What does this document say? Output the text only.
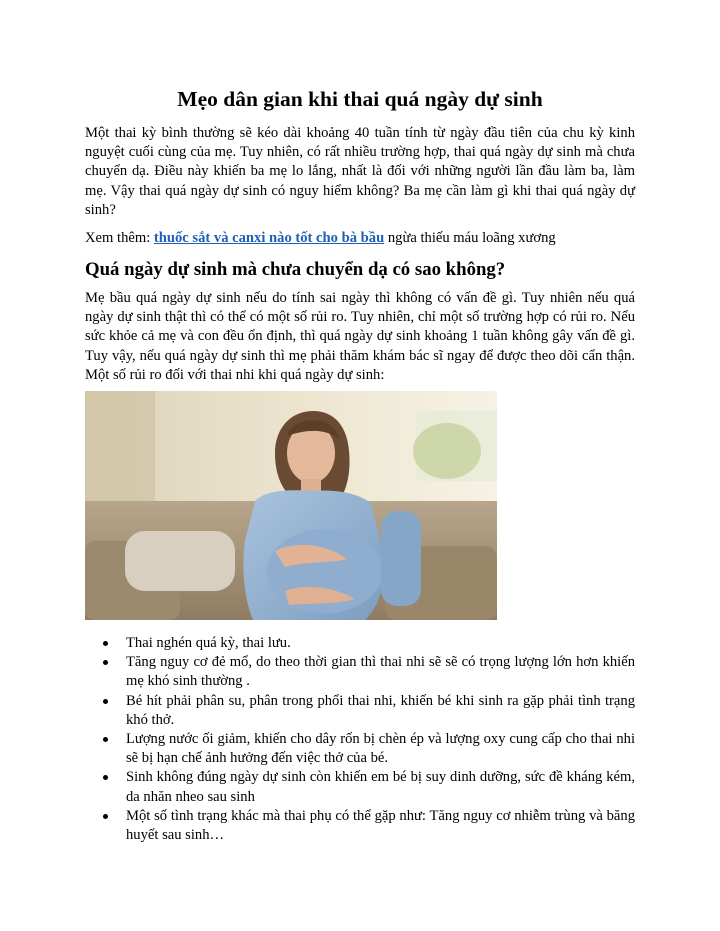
Mẹo dân gian khi thai quá ngày dự sinh

Một thai kỳ bình thường sẽ kéo dài khoảng 40 tuần tính từ ngày đầu tiên của chu kỳ kinh nguyệt cuối cùng của mẹ. Tuy nhiên, có rất nhiều trường hợp, thai quá ngày dự sinh mà chưa chuyển dạ. Điều này khiến ba mẹ lo lắng, nhất là đối với những người lần đầu làm ba, làm mẹ. Vậy thai quá ngày dự sinh có nguy hiểm không? Ba mẹ cần làm gì khi thai quá ngày dự sinh?

Xem thêm: thuốc sắt và canxi nào tốt cho bà bầu ngừa thiếu máu loãng xương

Quá ngày dự sinh mà chưa chuyển dạ có sao không?

Mẹ bầu quá ngày dự sinh nếu do tính sai ngày thì không có vấn đề gì. Tuy nhiên nếu quá ngày dự sinh thật thì có thể có một số rủi ro. Tuy nhiên, chỉ một số trường hợp có rủi ro. Nếu sức khỏe cả mẹ và con đều ổn định, thì quá ngày dự sinh khoảng 1 tuần không gây vấn đề gì. Tuy vậy, nếu quá ngày dự sinh thì mẹ phải thăm khám bác sĩ ngay để được theo dõi cẩn thận. Một số rủi ro đối với thai nhi khi quá ngày dự sinh:

Thai nghén quá kỳ, thai lưu.
Tăng nguy cơ đẻ mổ, do theo thời gian thì thai nhi sẽ sẽ có trọng lượng lớn hơn khiến mẹ khó sinh thường .
Bé hít phải phân su, phân trong phổi thai nhi, khiến bé khi sinh ra gặp phải tình trạng khó thở.
Lượng nước ối giảm, khiến cho dây rốn bị chèn ép và lượng oxy cung cấp cho thai nhi sẽ bị hạn chế ảnh hưởng đến việc thở của bé.
Sinh không đúng ngày dự sinh còn khiến em bé bị suy dinh dưỡng, sức đề kháng kém, da nhăn nheo sau sinh
Một số tình trạng khác mà thai phụ có thể gặp như: Tăng nguy cơ nhiễm trùng và băng huyết sau sinh…
